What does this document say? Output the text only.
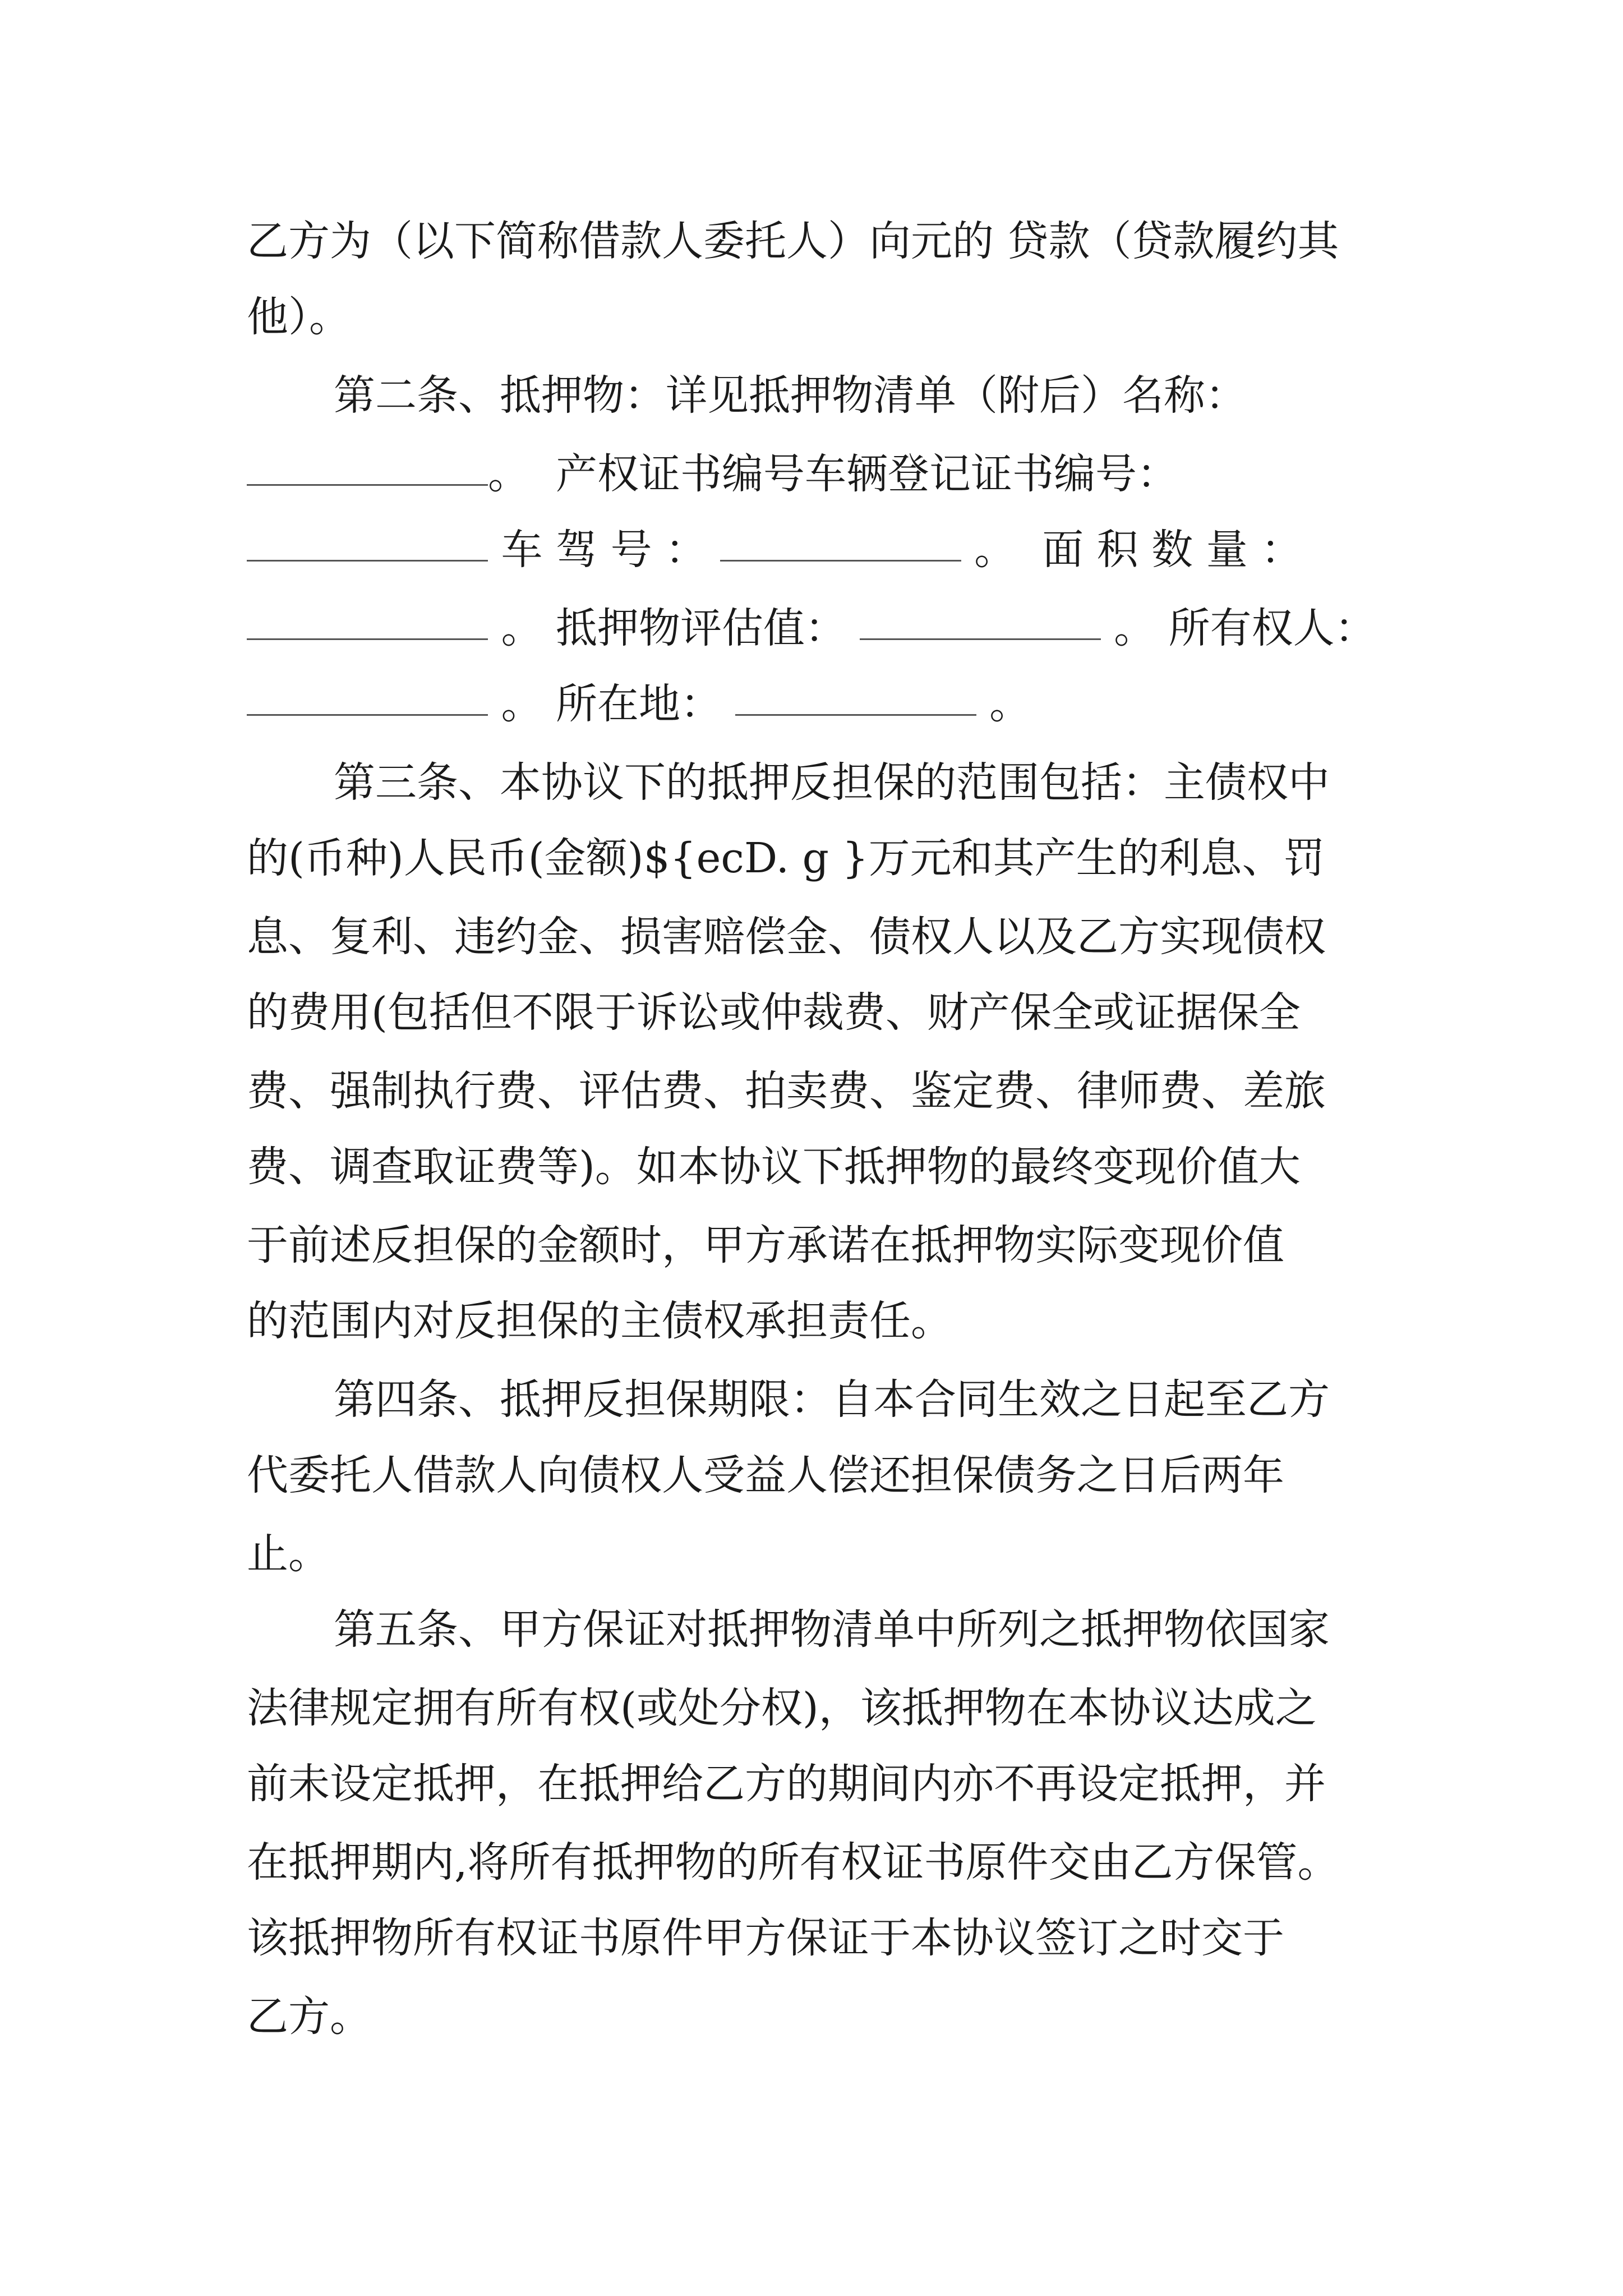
乙方为（以下简称借款人委托人）向元的 贷款（贷款履约其

他）。

第二条、抵押物：详见抵押物清单（附后）名称：

。  产权证书编号车辆登记证书编号：

车 驾 号 ：	。  面 积 数 量 ：

。 抵押物评估值：	。 所有权人：

。 所在地：	。

第三条、本协议下的抵押反担保的范围包括：主债权中

的(币种)人民币(金额)${ecD. g }万元和其产生的利息、罚

息、复利、违约金、损害赔偿金、债权人以及乙方实现债权

的费用(包括但不限于诉讼或仲裁费、财产保全或证据保全

费、强制执行费、评估费、拍卖费、鉴定费、律师费、差旅

费、调查取证费等)。如本协议下抵押物的最终变现价值大

于前述反担保的金额时，甲方承诺在抵押物实际变现价值

的范围内对反担保的主债权承担责任。

第四条、抵押反担保期限：自本合同生效之日起至乙方

代委托人借款人向债权人受益人偿还担保债务之日后两年

止。

第五条、甲方保证对抵押物清单中所列之抵押物依国家

法律规定拥有所有权(或处分权)，该抵押物在本协议达成之

前未设定抵押，在抵押给乙方的期间内亦不再设定抵押，并

在抵押期内,将所有抵押物的所有权证书原件交由乙方保管。

该抵押物所有权证书原件甲方保证于本协议签订之时交于

乙方。
